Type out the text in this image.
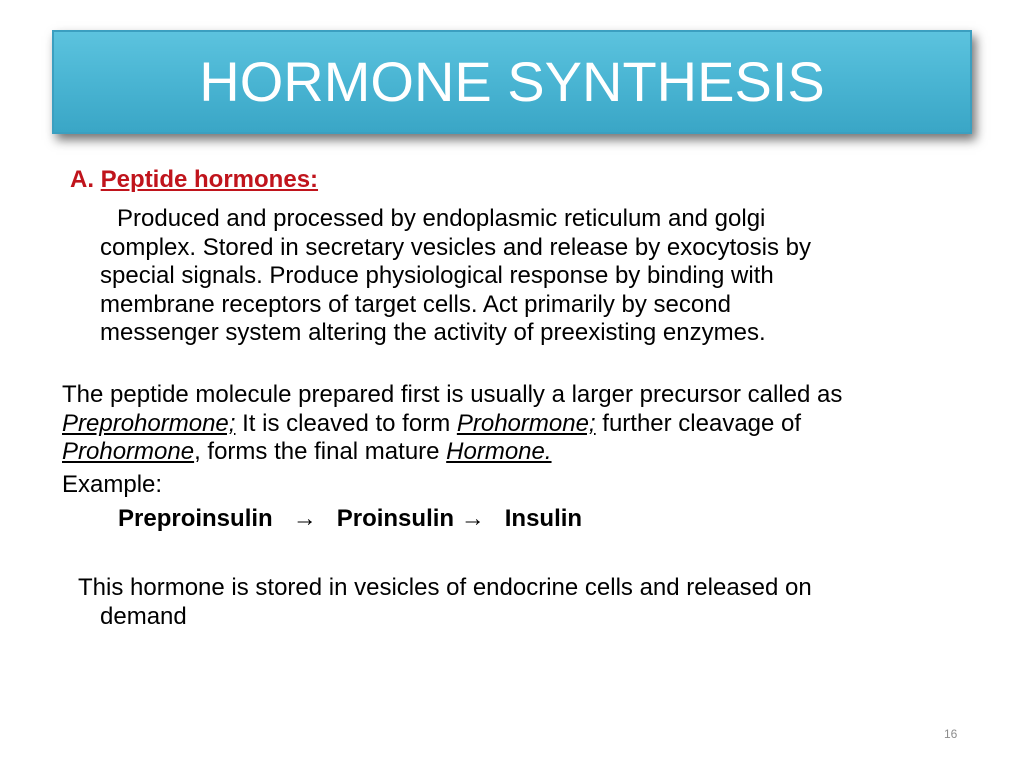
HORMONE SYNTHESIS
A. Peptide hormones:
Produced and processed by endoplasmic reticulum and golgi
complex. Stored in secretary vesicles and release by exocytosis by
special signals. Produce physiological response by binding with
membrane receptors of target cells. Act primarily by second
messenger system altering the activity of preexisting enzymes.
The peptide molecule prepared first is usually a larger precursor called as
Preprohormone; It is cleaved to form Prohormone; further cleavage of
Prohormone, forms the final mature Hormone.
Example:
Preproinsulin → Proinsulin → Insulin
This hormone is stored in vesicles of endocrine cells and released on
demand
16
